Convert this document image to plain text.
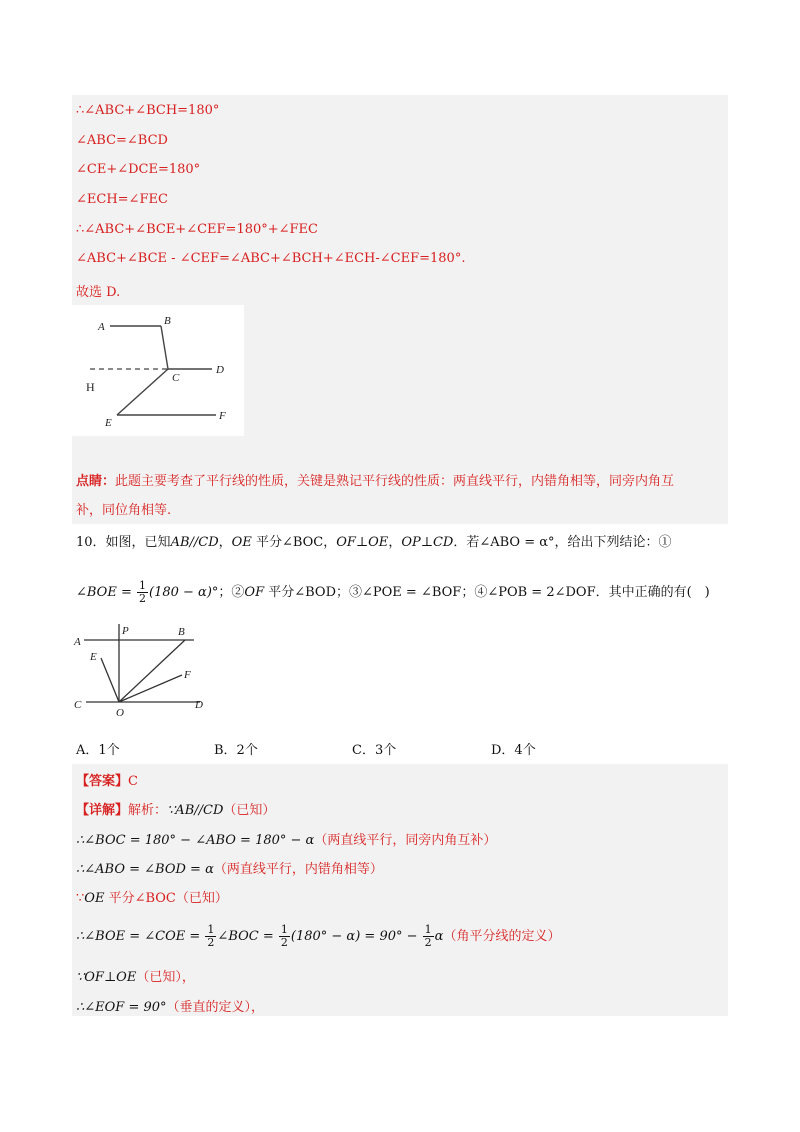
∴∠ABC+∠BCH=180°
∠ABC=∠BCD
∠CE+∠DCE=180°
∠ECH=∠FEC
∴∠ABC+∠BCE+∠CEF=180°+∠FEC
∠ABC+∠BCE - ∠CEF=∠ABC+∠BCH+∠ECH-∠CEF=180°.
故选 D.
A	B
C
D
H
E
F
点睛：此题主要考查了平行线的性质，关键是熟记平行线的性质：两直线平行，内错角相等，同旁内角互
补，同位角相等.
10．如图，已知AB//CD，OE 平分∠BOC，OF⊥OE，OP⊥CD．若∠ABO = α°，给出下列结论：①
∠BOE = $\frac{1}{2} (180 - \alpha)^\circ$；②OF 平分∠BOD；③∠POE = ∠BOF；④∠POB = 2∠DOF．其中正确的有(　)
A
P	B
E
F
C
O
D
A．1个	B．2个	C．3个	D．4个
【答案】C
【详解】解析：∵AB//CD（已知）
∴∠BOC = 180° − ∠ABO = 180° − α（两直线平行，同旁内角互补）
∴∠ABO = ∠BOD = α（两直线平行，内错角相等）
∵OE 平分∠BOC（已知）
∴∠BOE = ∠COE = $\frac{1}{2}$ ∠BOC = $\frac{1}{2} (180^\circ - \alpha) = 90^\circ - \frac{1}{2} \alpha$（角平分线的定义）
∵OF⊥OE（已知），
∴∠EOF = 90°（垂直的定义），
